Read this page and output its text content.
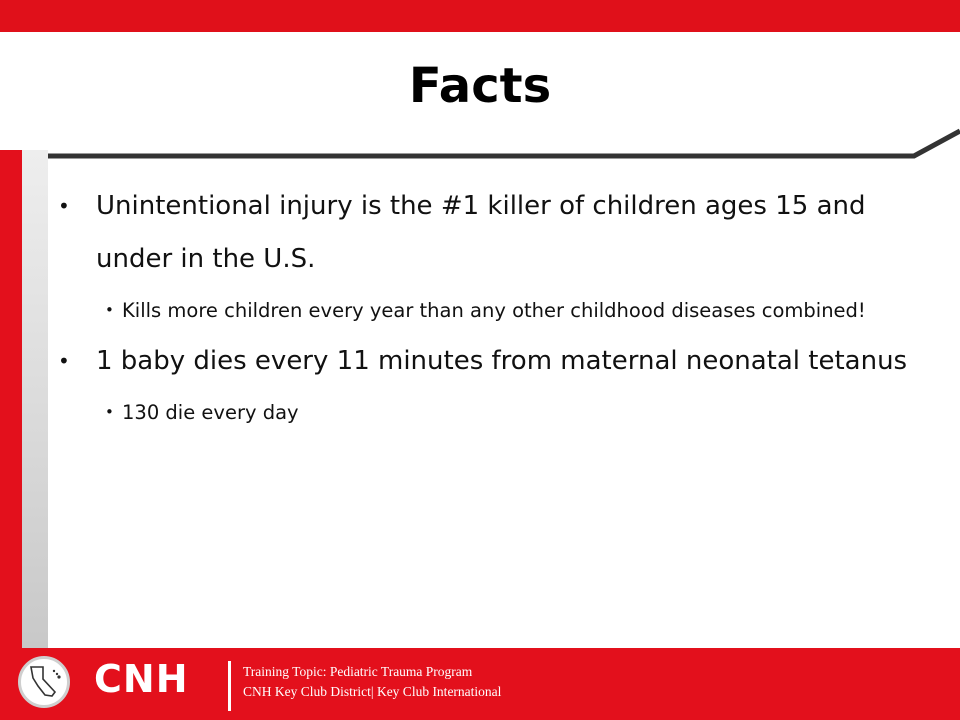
Facts
• Unintentional injury is the #1 killer of children ages 15 and under in the U.S.
• Kills more children every year than any other childhood diseases combined!
• 1 baby dies every 11 minutes from maternal neonatal tetanus
• 130 die every day
CNH	Training Topic: Pediatric Trauma Program
CNH Key Club District| Key Club International
